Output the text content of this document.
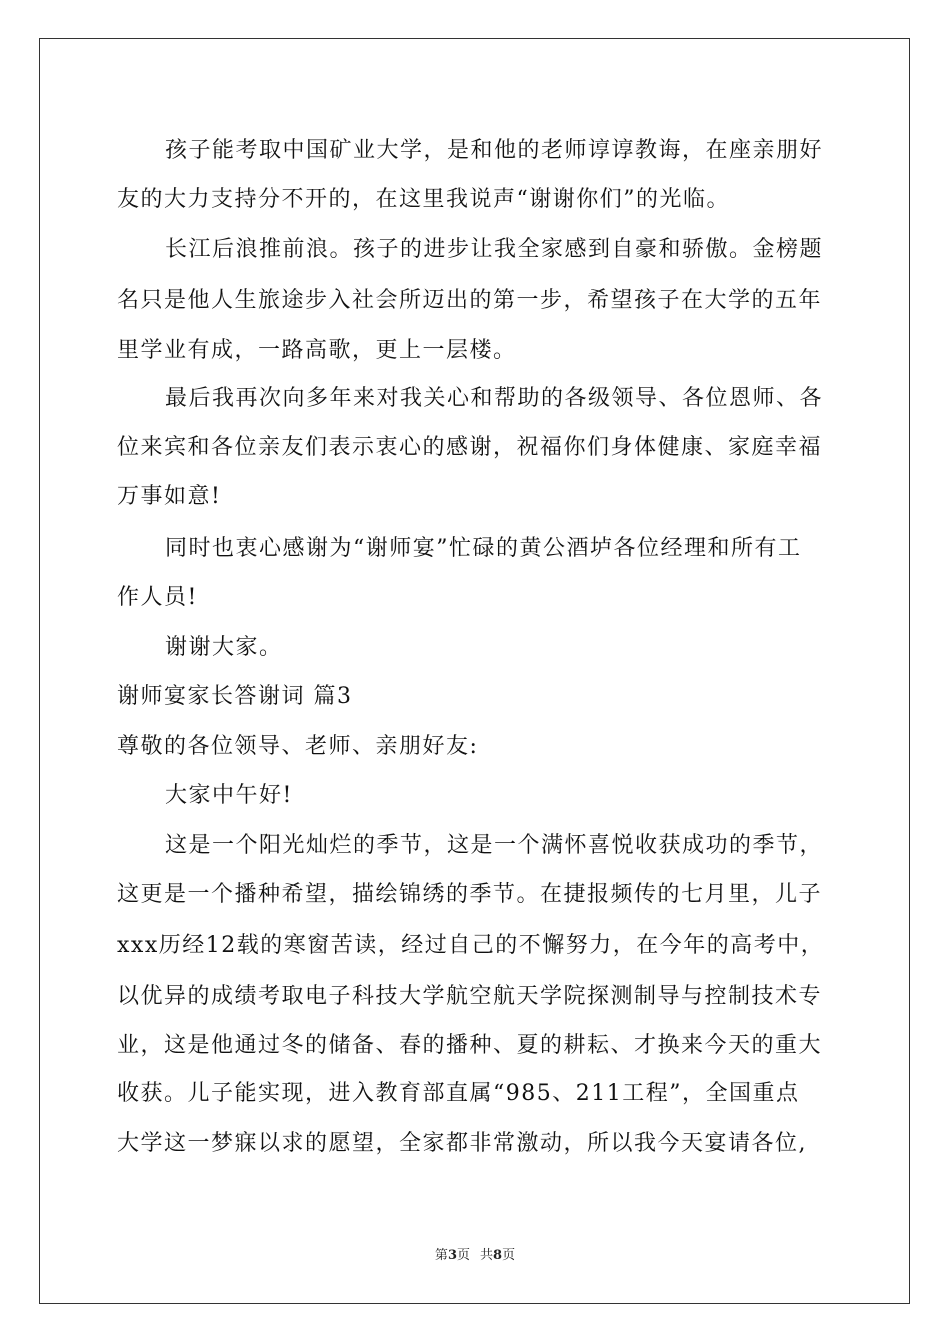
孩子能考取中国矿业大学，是和他的老师谆谆教诲，在座亲朋好
友的大力支持分不开的，在这里我说声“谢谢你们”的光临。
长江后浪推前浪。孩子的进步让我全家感到自豪和骄傲。金榜题
名只是他人生旅途步入社会所迈出的第一步，希望孩子在大学的五年
里学业有成，一路高歌，更上一层楼。
最后我再次向多年来对我关心和帮助的各级领导、各位恩师、各
位来宾和各位亲友们表示衷心的感谢，祝福你们身体健康、家庭幸福
万事如意!
同时也衷心感谢为“谢师宴”忙碌的黄公酒垆各位经理和所有工
作人员!
谢谢大家。
谢师宴家长答谢词 篇3
尊敬的各位领导、老师、亲朋好友:
大家中午好!
这是一个阳光灿烂的季节，这是一个满怀喜悦收获成功的季节，
这更是一个播种希望，描绘锦绣的季节。在捷报频传的七月里，儿子
xxx历经12载的寒窗苦读，经过自己的不懈努力，在今年的高考中，
以优异的成绩考取电子科技大学航空航天学院探测制导与控制技术专
业，这是他通过冬的储备、春的播种、夏的耕耘、才换来今天的重大
收获。儿子能实现，进入教育部直属“985、211工程”，全国重点
大学这一梦寐以求的愿望，全家都非常激动，所以我今天宴请各位,
第3页 共8页
